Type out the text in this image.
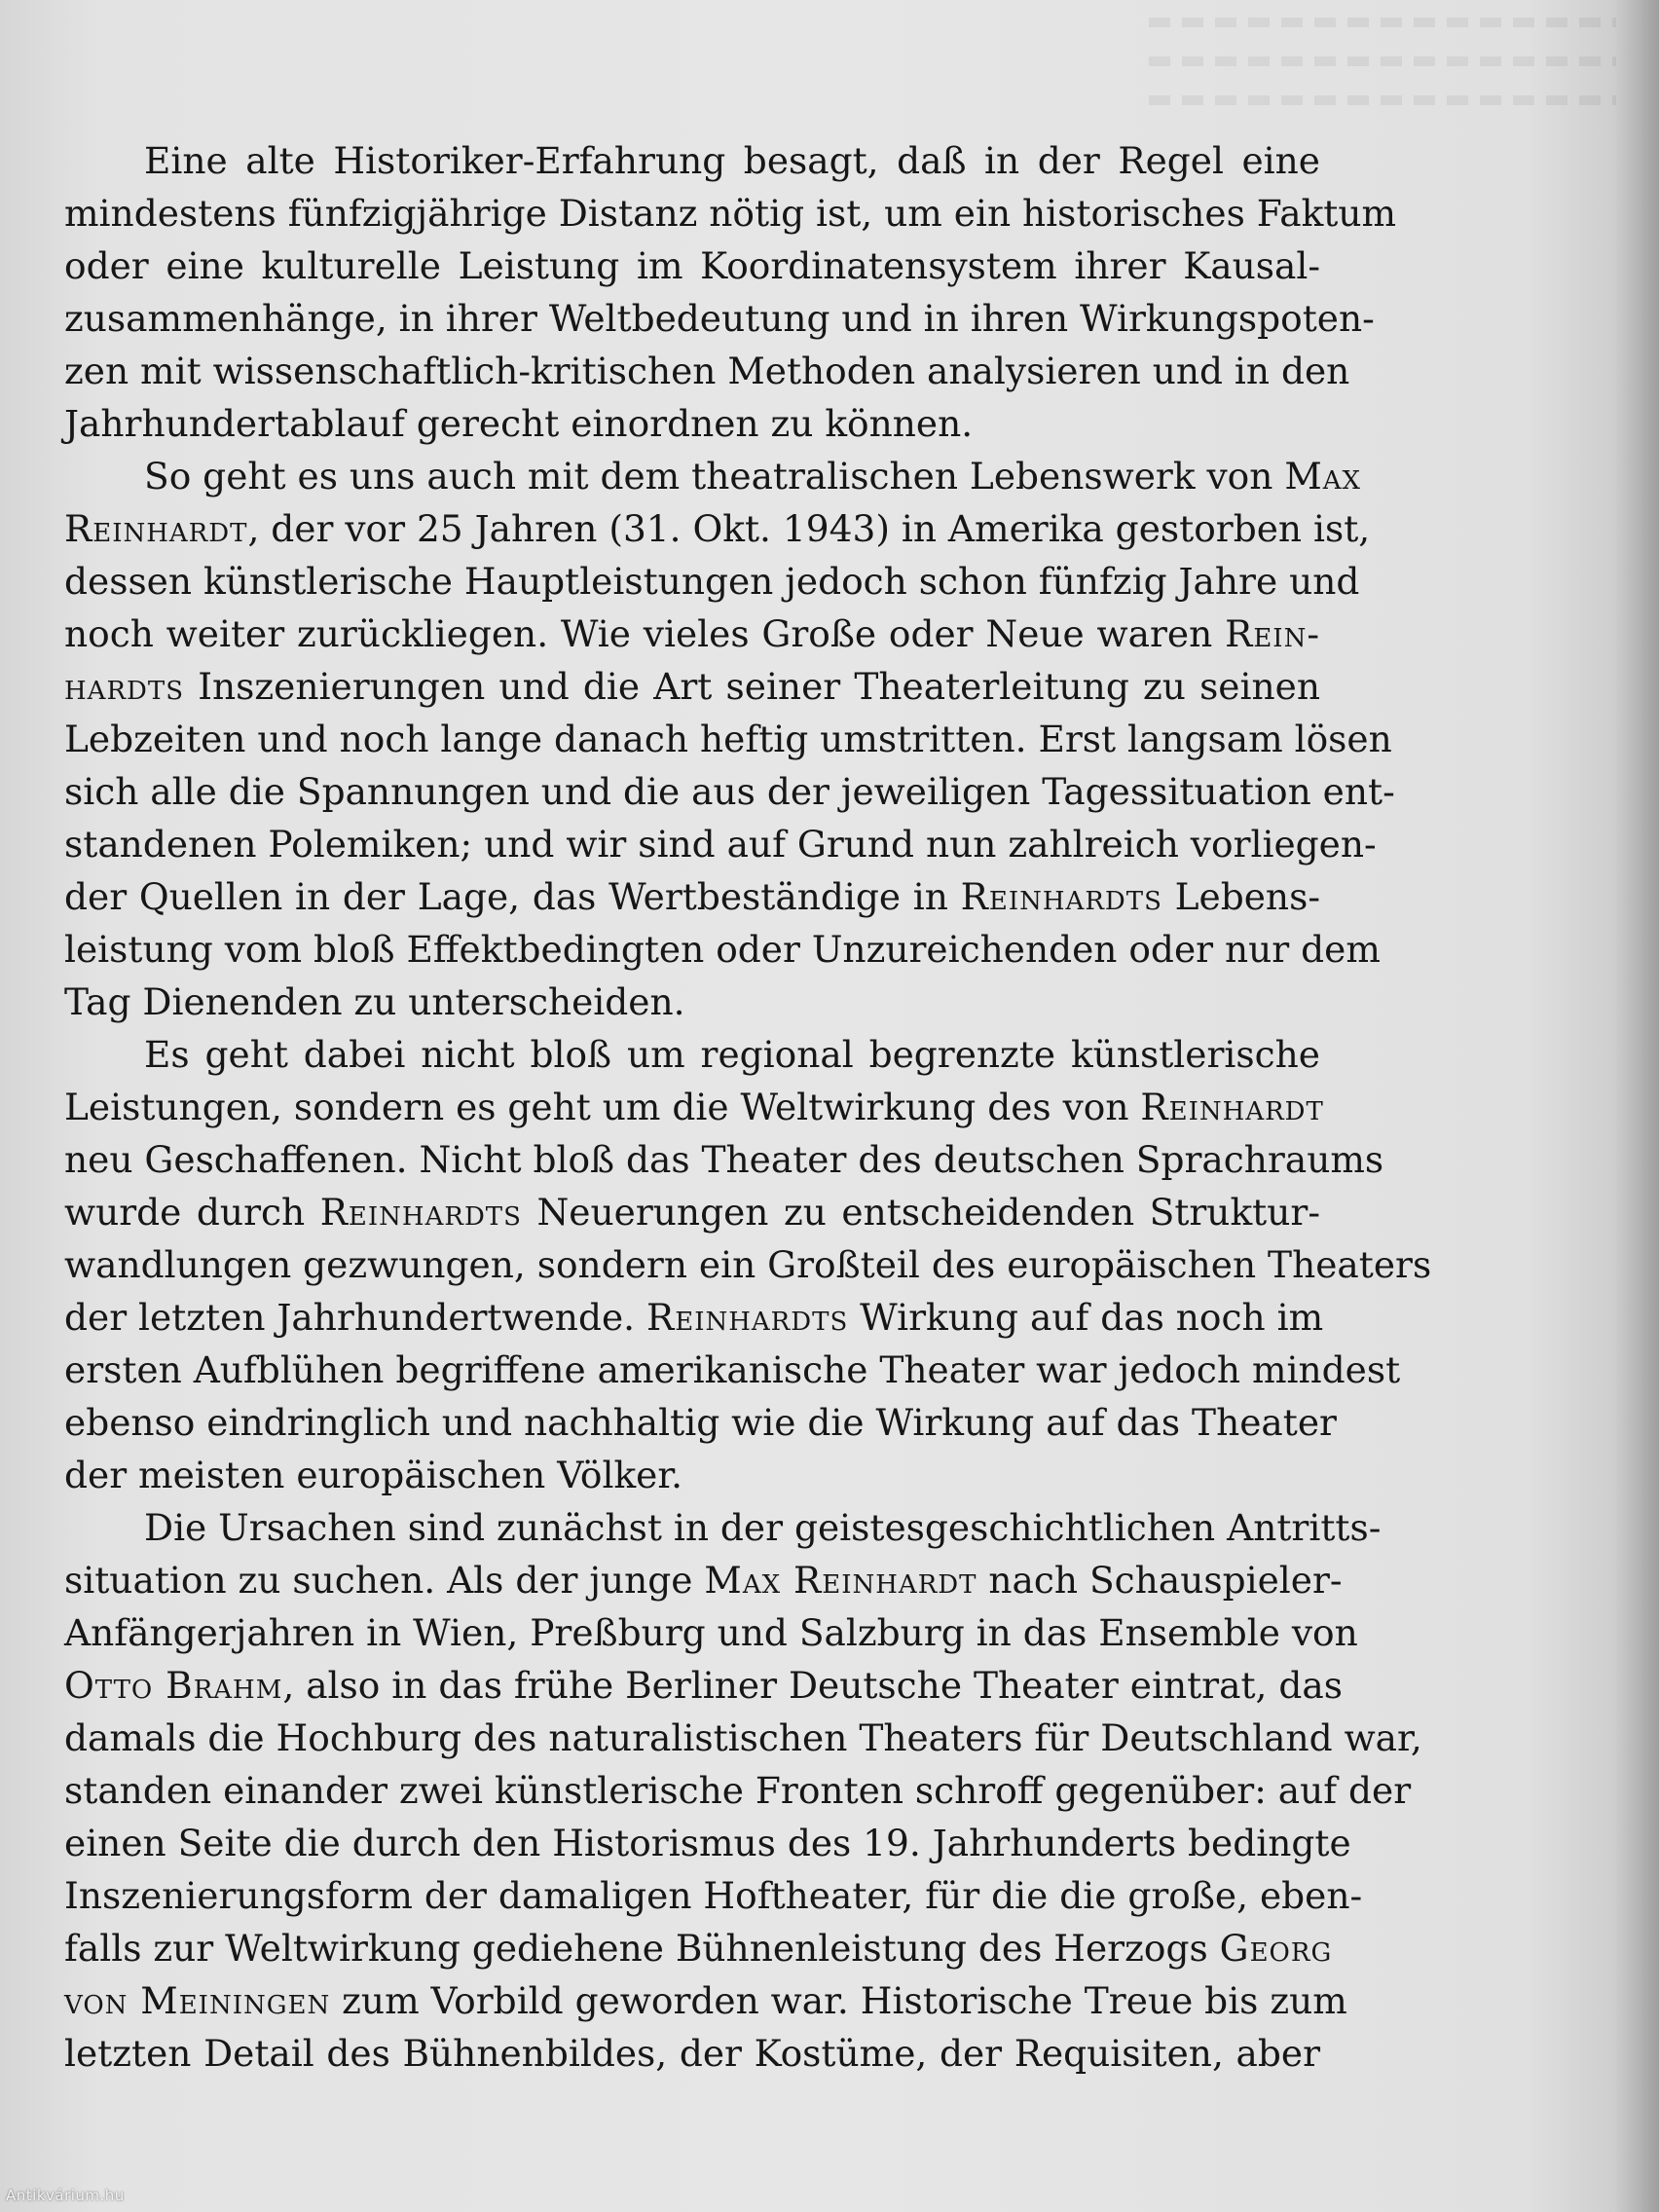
Eine alte Historiker-Erfahrung besagt, daß in der Regel eine
mindestens fünfzigjährige Distanz nötig ist, um ein historisches Faktum
oder eine kulturelle Leistung im Koordinatensystem ihrer Kausal-
zusammenhänge, in ihrer Weltbedeutung und in ihren Wirkungspoten-
zen mit wissenschaftlich-kritischen Methoden analysieren und in den
Jahrhundertablauf gerecht einordnen zu können.
So geht es uns auch mit dem theatralischen Lebenswerk von Max
Reinhardt, der vor 25 Jahren (31. Okt. 1943) in Amerika gestorben ist,
dessen künstlerische Hauptleistungen jedoch schon fünfzig Jahre und
noch weiter zurückliegen. Wie vieles Große oder Neue waren Rein-
hardts Inszenierungen und die Art seiner Theaterleitung zu seinen
Lebzeiten und noch lange danach heftig umstritten. Erst langsam lösen
sich alle die Spannungen und die aus der jeweiligen Tagessituation ent-
standenen Polemiken; und wir sind auf Grund nun zahlreich vorliegen-
der Quellen in der Lage, das Wertbeständige in Reinhardts Lebens-
leistung vom bloß Effektbedingten oder Unzureichenden oder nur dem
Tag Dienenden zu unterscheiden.
Es geht dabei nicht bloß um regional begrenzte künstlerische
Leistungen, sondern es geht um die Weltwirkung des von Reinhardt
neu Geschaffenen. Nicht bloß das Theater des deutschen Sprachraums
wurde durch Reinhardts Neuerungen zu entscheidenden Struktur-
wandlungen gezwungen, sondern ein Großteil des europäischen Theaters
der letzten Jahrhundertwende. Reinhardts Wirkung auf das noch im
ersten Aufblühen begriffene amerikanische Theater war jedoch mindest
ebenso eindringlich und nachhaltig wie die Wirkung auf das Theater
der meisten europäischen Völker.
Die Ursachen sind zunächst in der geistesgeschichtlichen Antritts-
situation zu suchen. Als der junge Max Reinhardt nach Schauspieler-
Anfängerjahren in Wien, Preßburg und Salzburg in das Ensemble von
Otto Brahm, also in das frühe Berliner Deutsche Theater eintrat, das
damals die Hochburg des naturalistischen Theaters für Deutschland war,
standen einander zwei künstlerische Fronten schroff gegenüber: auf der
einen Seite die durch den Historismus des 19. Jahrhunderts bedingte
Inszenierungsform der damaligen Hoftheater, für die die große, eben-
falls zur Weltwirkung gediehene Bühnenleistung des Herzogs Georg
von Meiningen zum Vorbild geworden war. Historische Treue bis zum
letzten Detail des Bühnenbildes, der Kostüme, der Requisiten, aber
Antikvárium.hu
